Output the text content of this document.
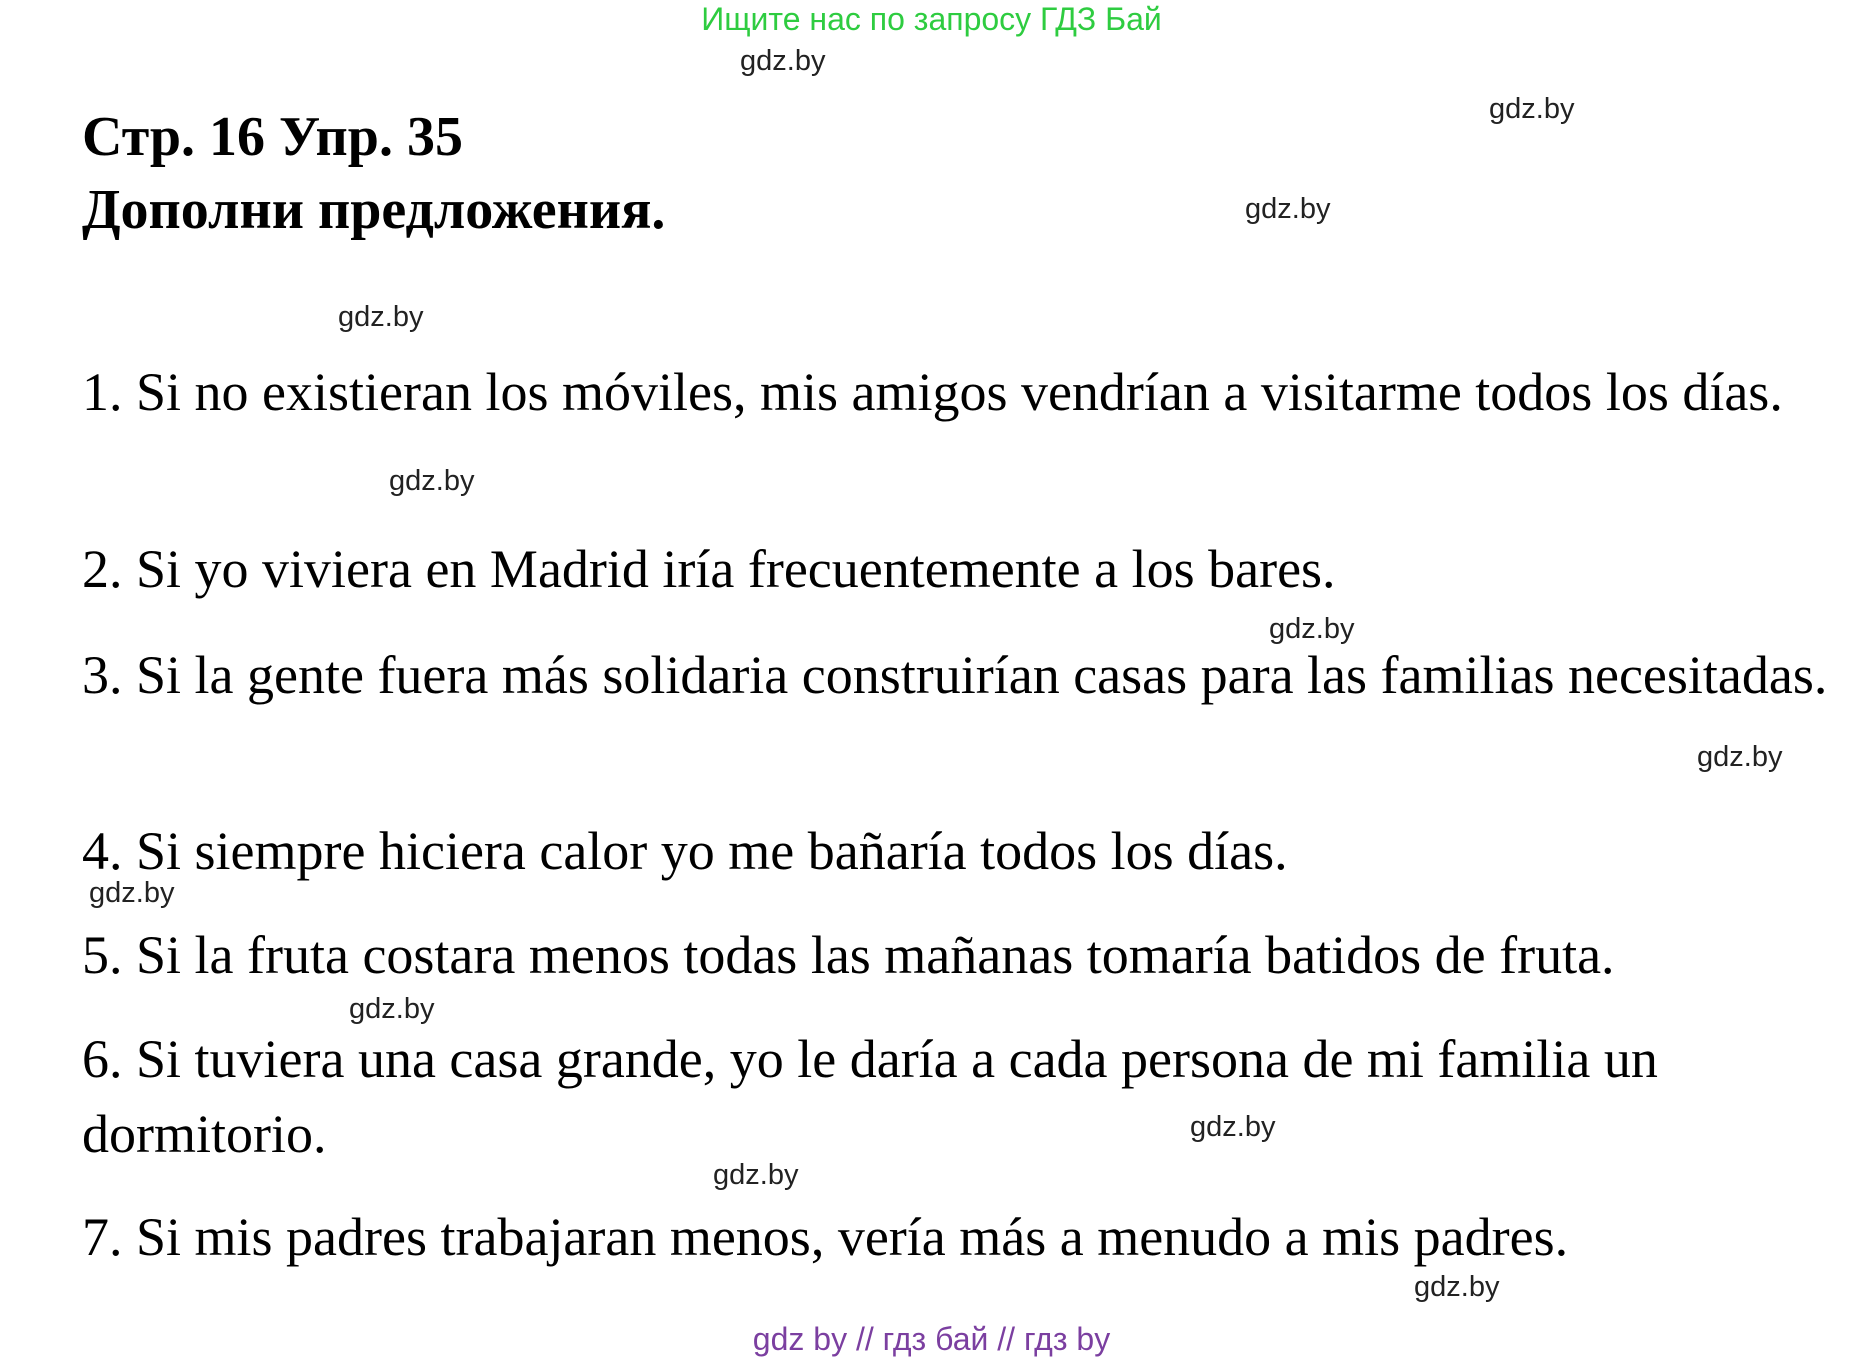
Ищите нас по запросу ГДЗ Бай
Стр. 16 Упр. 35
Дополни предложения.
1. Si no existieran los móviles, mis amigos vendrían a visitarme todos los días.
2. Si yo viviera en Madrid iría frecuentemente a los bares.
3. Si la gente fuera más solidaria construirían casas para las familias necesitadas.
4. Si siempre hiciera calor yo me bañaría todos los días.
5. Si la fruta costara menos todas las mañanas tomaría batidos de fruta.
6. Si tuviera una casa grande, yo le daría a cada persona de mi familia un dormitorio.
7. Si mis padres trabajaran menos, vería más a menudo a mis padres.
gdz.by
gdz.by
gdz.by
gdz.by
gdz.by
gdz.by
gdz.by
gdz.by
gdz.by
gdz.by
gdz.by
gdz.by
gdz by // гдз бай // гдз by
